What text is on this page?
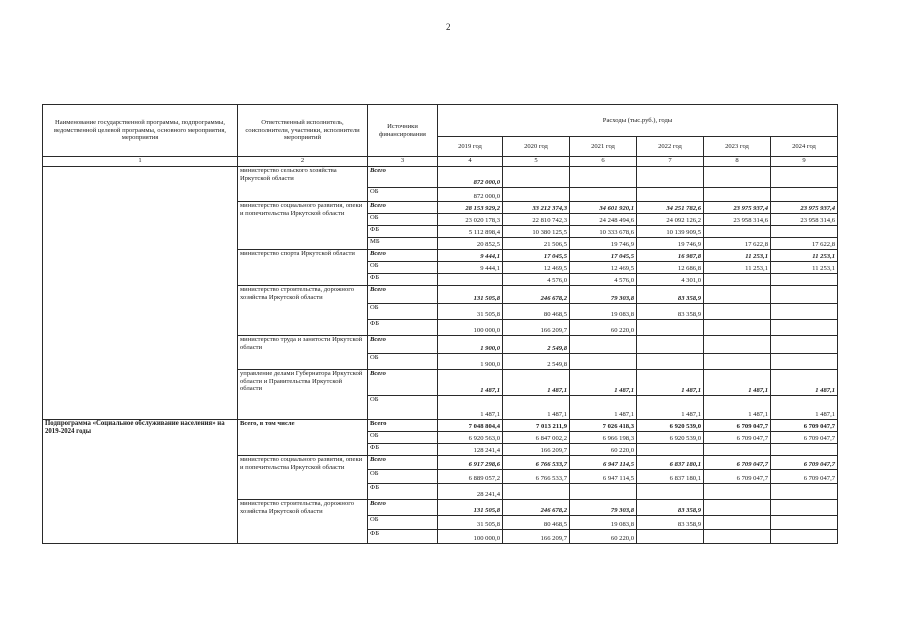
2
Наименование государственной программы, подпрограммы, ведомственной целевой программы, основного мероприятия, мероприятия	Ответственный исполнитель, соисполнители, участники, исполнители мероприятий	Источники финансирования	Расходы (тыс.руб.), годы					
			2019 год	2020 год	2021 год	2022 год	2023 год	2024 год
1	2	3	4	5	6	7	8	9
	министерство сельского хозяйства Иркутской области	Всего	872 000,0					
		ОБ	872 000,0					
	министерство социального развития, опеки и попечительства Иркутской области	Всего	28 153 929,2	33 212 374,3	34 601 920,1	34 251 782,6	23 975 937,4	23 975 937,4
		ОБ	23 020 178,3	22 810 742,3	24 248 494,6	24 092 126,2	23 958 314,6	23 958 314,6
		ФБ	5 112 898,4	10 380 125,5	10 333 678,6	10 139 909,5		
		МБ	20 852,5	21 506,5	19 746,9	19 746,9	17 622,8	17 622,8
	министерство спорта Иркутской области	Всего	9 444,1	17 045,5	17 045,5	16 987,8	11 253,1	11 253,1
		ОБ	9 444,1	12 469,5	12 469,5	12 686,8	11 253,1	11 253,1
		ФБ		4 576,0	4 576,0	4 301,0		
	министерство строительства, дорожного хозяйства Иркутской области	Всего	131 505,8	246 678,2	79 303,8	83 358,9		
		ОБ	31 505,8	80 468,5	19 083,8	83 358,9		
		ФБ	100 000,0	166 209,7	60 220,0			
	министерство труда и занятости Иркутской области	Всего	1 900,0	2 549,8				
		ОБ	1 900,0	2 549,8				
	управление делами Губернатора Иркутской области и Правительства Иркутской области	Всего	1 487,1	1 487,1	1 487,1	1 487,1	1 487,1	1 487,1
		ОБ	1 487,1	1 487,1	1 487,1	1 487,1	1 487,1	1 487,1
Подпрограмма «Социальное обслуживание населения» на 2019-2024 годы	Всего, в том числе	Всего	7 048 804,4	7 013 211,9	7 026 418,3	6 920 539,0	6 709 047,7	6 709 047,7
		ОБ	6 920 563,0	6 847 002,2	6 966 198,3	6 920 539,0	6 709 047,7	6 709 047,7
		ФБ	128 241,4	166 209,7	60 220,0			
	министерство социального развития, опеки и попечительства Иркутской области	Всего	6 917 298,6	6 766 533,7	6 947 114,5	6 837 180,1	6 709 047,7	6 709 047,7
		ОБ	6 889 057,2	6 766 533,7	6 947 114,5	6 837 180,1	6 709 047,7	6 709 047,7
		ФБ	28 241,4					
	министерство строительства, дорожного хозяйства Иркутской области	Всего	131 505,8	246 678,2	79 303,8	83 358,9		
		ОБ	31 505,8	80 468,5	19 083,8	83 358,9		
		ФБ	100 000,0	166 209,7	60 220,0			
